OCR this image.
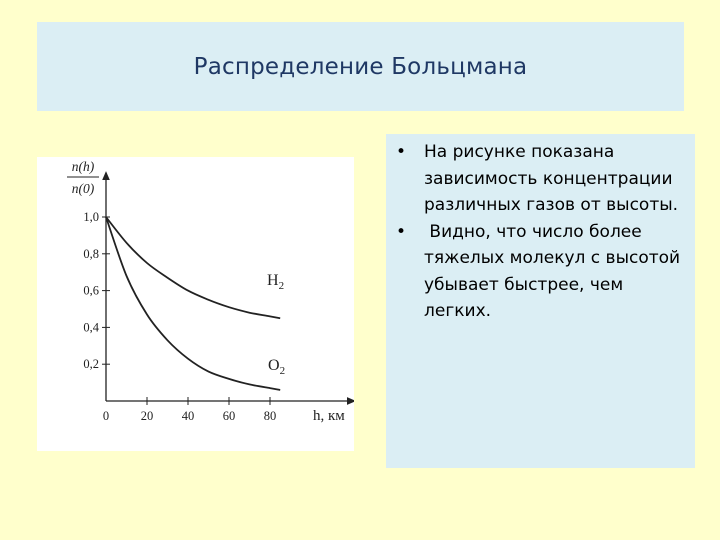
Распределение Больцмана
0,2
0,4
0,6
0,8
1,0
0	20 40 60 80
$H_2$
$O_2$
n(h)
n(0)
h, км
• На рисунке показана зависимость концентрации различных газов от высоты.
• Видно, что число более тяжелых молекул с высотой убывает быстрее, чем легких.
